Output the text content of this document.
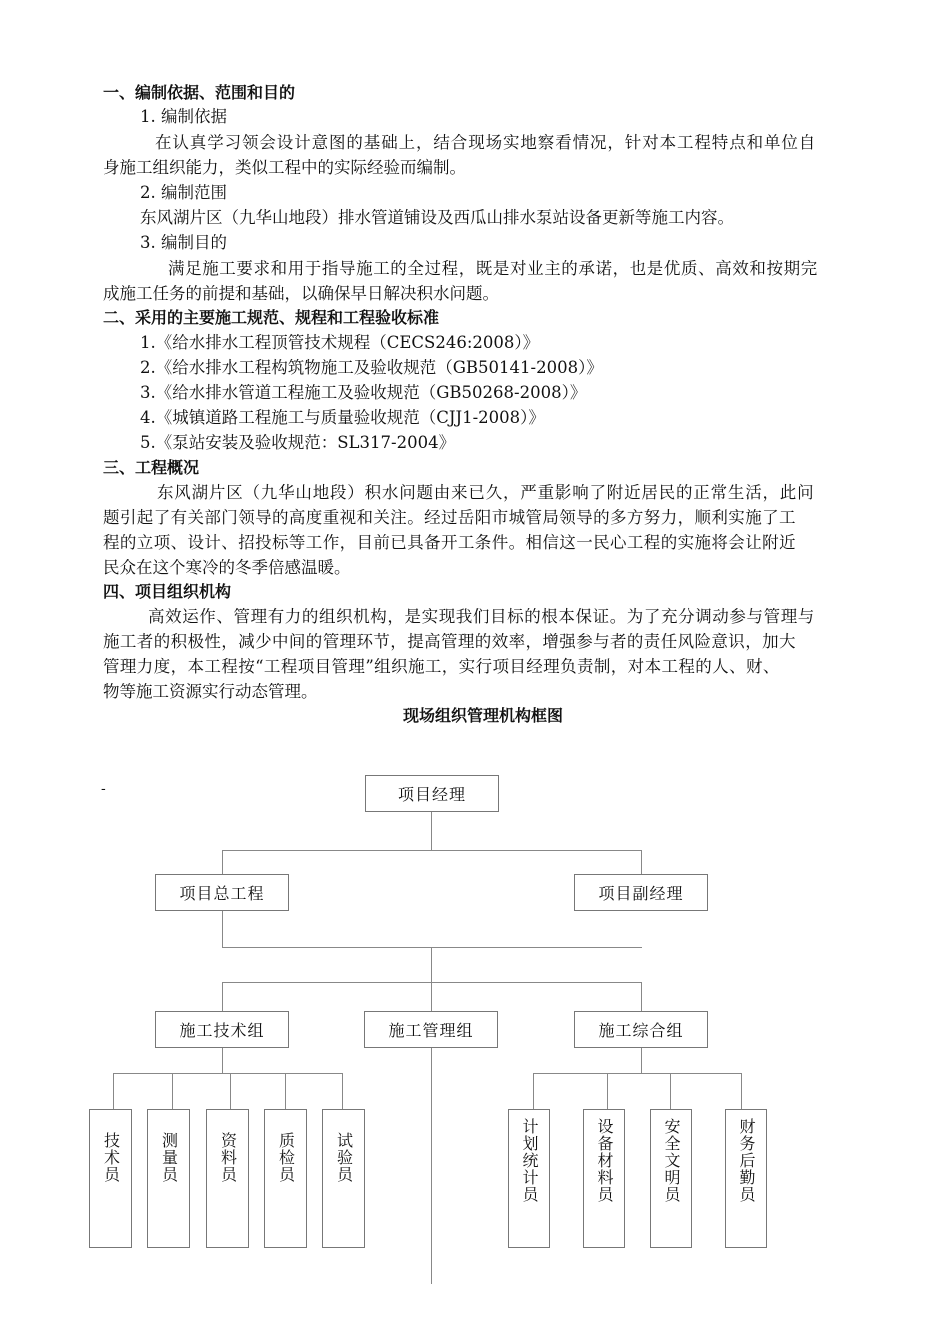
一、编制依据、范围和目的
1. 编制依据
在认真学习领会设计意图的基础上，结合现场实地察看情况，针对本工程特点和单位自
身施工组织能力，类似工程中的实际经验而编制。
2. 编制范围
东风湖片区（九华山地段）排水管道铺设及西瓜山排水泵站设备更新等施工内容。
3. 编制目的
满足施工要求和用于指导施工的全过程，既是对业主的承诺，也是优质、高效和按期完
成施工任务的前提和基础，以确保早日解决积水问题。
二、采用的主要施工规范、规程和工程验收标准
1.《给水排水工程顶管技术规程（CECS246:2008）》
2.《给水排水工程构筑物施工及验收规范（GB50141-2008）》
3.《给水排水管道工程施工及验收规范（GB50268-2008）》
4.《城镇道路工程施工与质量验收规范（CJJ1-2008）》
5.《泵站安装及验收规范：SL317-2004》
三、工程概况
东风湖片区（九华山地段）积水问题由来已久，严重影响了附近居民的正常生活，此问
题引起了有关部门领导的高度重视和关注。经过岳阳市城管局领导的多方努力，顺利实施了工
程的立项、设计、招投标等工作，目前已具备开工条件。相信这一民心工程的实施将会让附近
民众在这个寒冷的冬季倍感温暖。
四、项目组织机构
高效运作、管理有力的组织机构，是实现我们目标的根本保证。为了充分调动参与管理与
施工者的积极性，减少中间的管理环节，提高管理的效率，增强参与者的责任风险意识，加大
管理力度，本工程按“工程项目管理”组织施工，实行项目经理负责制，对本工程的人、财、
物等施工资源实行动态管理。
现场组织管理机构框图
-	项目经理
项目总工程	项目副经理
施工技术组	施工管理组	施工综合组
技术员 测量员	资料员 质检员 试验员	计划统计员	设备材料员	安全文明员	财务后勤员
